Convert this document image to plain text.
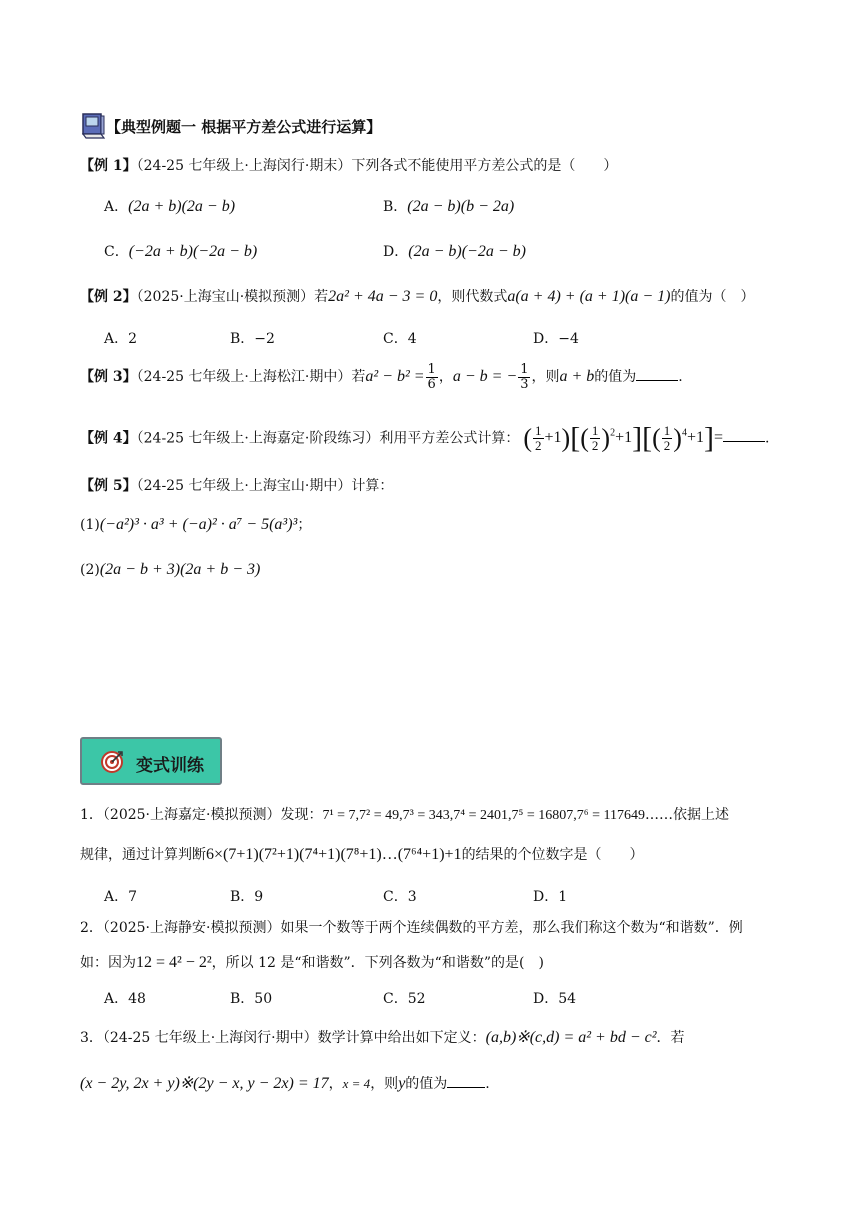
【典型例题一 根据平方差公式进行运算】
【例 1】（24-25 七年级上·上海闵行·期末）下列各式不能使用平方差公式的是（　　）
A．(2a + b)(2a − b)	B．(2a − b)(b − 2a)
C．(−2a + b)(−2a − b)	D．(2a − b)(−2a − b)
【例 2】（2025·上海宝山·模拟预测）若2a² + 4a − 3 = 0，则代数式a(a + 4) + (a + 1)(a − 1)的值为（　）
A．2	B．−2	C．4	D．−4
【例 3】（24-25 七年级上·上海松江·期中）若$a^2 - b^2 = \frac{1}{6}$ ，a − b = − $\frac{1}{3}$ ，则a + b的值为	.
【例 4】（24-25 七年级上·上海嘉定·阶段练习）利用平方差公式计算： ( $\frac{1}{2} +1)[( \frac{1}{2} )^2+1][( \frac{1}{2} )^4+1]=$	.
【例 5】（24-25 七年级上·上海宝山·期中）计算：
(1)(−a²)³ · a³ + (−a)² · a⁷ − 5(a³)³；
(2)(2a − b + 3)(2a + b − 3)
变式训练
1．（2025·上海嘉定·模拟预测）发现：7¹ = 7,7² = 49,7³ = 343,7⁴ = 2401,7⁵ = 16807,7⁶ = 117649……依据上述
规律，通过计算判断6×(7+1)(7²+1)(7⁴+1)(7⁸+1)…(7⁶⁴+1)+1的结果的个位数字是（　　）
A．7	B．9	C．3	D．1
2．（2025·上海静安·模拟预测）如果一个数等于两个连续偶数的平方差，那么我们称这个数为“和谐数”．例
如：因为12 = 4² − 2²，所以 12 是“和谐数”．下列各数为“和谐数”的是(　)
A．48	B．50	C．52	D．54
3．（24-25 七年级上·上海闵行·期中）数学计算中给出如下定义：(a,b)※(c,d) = a² + bd − c²．若
(x − 2y, 2x + y)※(2y − x, y − 2x) = 17，x = 4，则y的值为	.
